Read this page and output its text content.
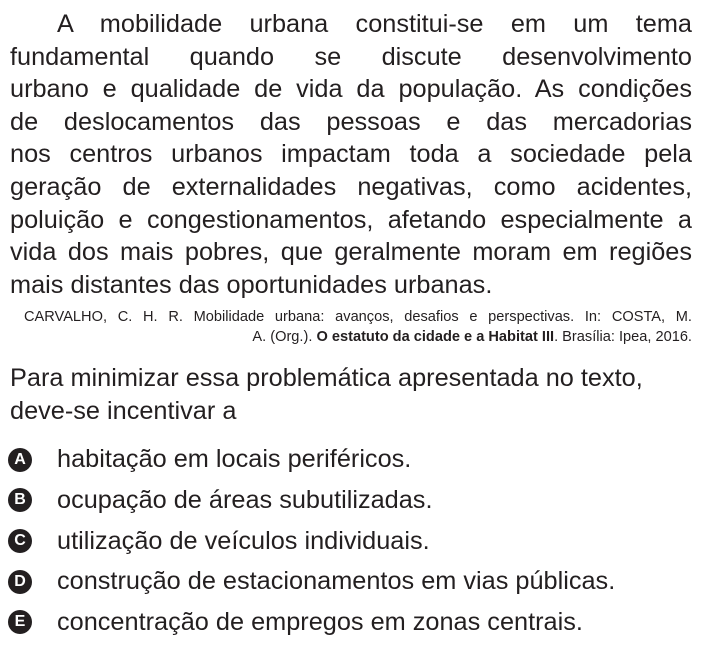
A mobilidade urbana constitui-se em um tema
fundamental quando se discute desenvolvimento
urbano e qualidade de vida da população. As condições
de deslocamentos das pessoas e das mercadorias
nos centros urbanos impactam toda a sociedade pela
geração de externalidades negativas, como acidentes,
poluição e congestionamentos, afetando especialmente a
vida dos mais pobres, que geralmente moram em regiões
mais distantes das oportunidades urbanas.
CARVALHO, C. H. R. Mobilidade urbana: avanços, desafios e perspectivas. In: COSTA, M.
A. (Org.). O estatuto da cidade e a Habitat III. Brasília: Ipea, 2016.
Para minimizar essa problemática apresentada no texto,
deve-se incentivar a
A habitação em locais periféricos.
B ocupação de áreas subutilizadas.
C utilização de veículos individuais.
D construção de estacionamentos em vias públicas.
E concentração de empregos em zonas centrais.
